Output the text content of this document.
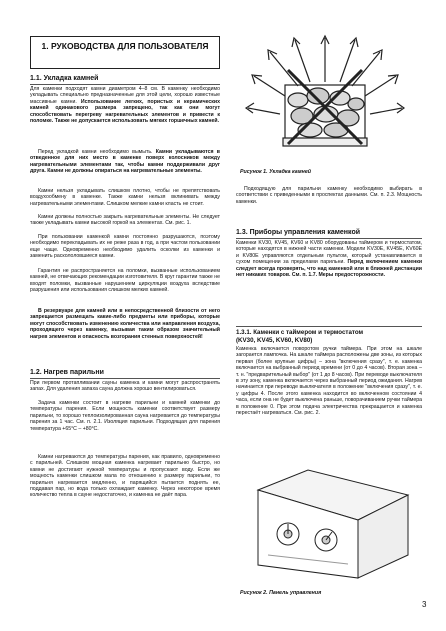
1. РУКОВОДСТВА ДЛЯ ПОЛЬЗОВАТЕЛЯ
1.1. Укладка камней

Для каменки подходят камни диаметром 4–8 см. В каменку необходимо укладывать специально предназначенные для этой цели, хорошо известные массивные камни. Использование легких, пористых и керамических камней одинакового размера запрещено, так как они могут способствовать перегреву нагревательных элементов и привести к поломке. Также не допускается использовать мягких горшечных камней.

Перед укладкой камни необходимо вымыть. Камни укладываются в отведенное для них место в каменке поверх колосников между нагревательными элементами так, чтобы камни поддерживали друг друга. Камни не должны опираться на нагревательные элементы.

Камни нельзя укладывать слишком плотно, чтобы не препятствовать воздухообмену в каменке. Также камни нельзя вклинивать между нагревательными элементами. Слишком мелкие камни класть не стоит.

Камни должны полностью закрыть нагревательные элементы. Не следует также укладывать камни высокой горкой на элементах. См. рис. 1.

При пользовании каменкой камни постоянно разрушаются, поэтому необходимо перекладывать их не реже раза в год, а при частом пользовании еще чаще. Одновременно необходимо удалить осколки из каменки и заменить раскололовшиеся камни.

Гарантия не распространяется на поломки, вызванные использованием камней, не отвечающих рекомендации изготовителя. В круг гарантии также не входят поломки, вызванные нарушением циркуляции воздуха вследствие разрушения или использования слишком мелких камней.

В резервуаре для камней или в непосредственной близости от него запрещается размещать какие-либо предметы или приборы, которые могут способствовать изменению количества или направления воздуха, проходящего через каменку, вызывая таким образом значительный нагрев элементов и опасность возгорания стенных поверхностей!

1.2. Нагрев парильни

При первом протапливании сауны каменка и камни могут распространять запах. Для удаления запаха сауна должна хорошо вентилироваться.

Задача каменки состоит в нагреве парильни и камней каменки до температуры парения. Если мощность каменки соответствует размеру парильни, то хорошо теплоизолированная сауна нагревается до температуры парения за 1 час. См. п. 2.1. Изоляция парильни. Подходящая для парения температура +65°C – +80°C.

Камни нагреваются до температуры парения, как правило, одновременно с парильней. Слишком мощная каменка нагревает парильню быстро, но камни не достигают нужной температуры и пропускают воду. Если же мощность каменки слишком мала по отношению к размеру парильни, то парильня нагревается медленно, и парящийся пытается поднять ее, поддавая пар, но вода только охлаждает каменку. Через некоторое время количество тепла в сауне недостаточно, и каменка не даёт пара.

Рисунок 1. Укладка камней

Подходящую для парильни каменку необходимо выбирать в соответствии с приведенными в проспектах данными. См. п. 2.3. Мощность каменки.

1.3. Приборы управления каменкой

Каменки KV30, KV45, KV60 и KV80 оборудованы таймером и термостатом, которые находятся в нижней части каменки. Модели KV30E, KV45E, KV60E и KV80E управляются отдельным пультом, который устанавливается в сухом помещении за пределами парильни. Перед включением каменки следует всегда проверять, что над каменкой или в ближней дистанции нет никаких товаров. См. п. 1.7. Меры предосторожности.

1.3.1. Каменки с таймером и термостатом
(KV30, KV45, KV60, KV80)

Каменка включается поворотом ручки таймера. При этом на шкале загорается лампочка. На шкале таймера расположены две зоны, из которых первая (более крупные цифры) – зона "включения сразу", т. е. каменка включается на выбранный период времени (от 0 до 4 часов). Вторая зона – т. н. "предварительный выбор" (от 1 до 8 часов). При переводе выключателя в эту зону, каменка включается через выбранный период ожидания. Нагрев начинается при переводе выключателя в положение "включения сразу", т. е. у цифры 4. После этого каменка находится во включенном состоянии 4 часа, если она не будет выключена раньше, поворачиванием ручки таймера в положение 0. При этом подача электричества прекращается и каменка перестаёт нагреваться. См. рис. 2.

Рисунок 2. Панель управления
3
